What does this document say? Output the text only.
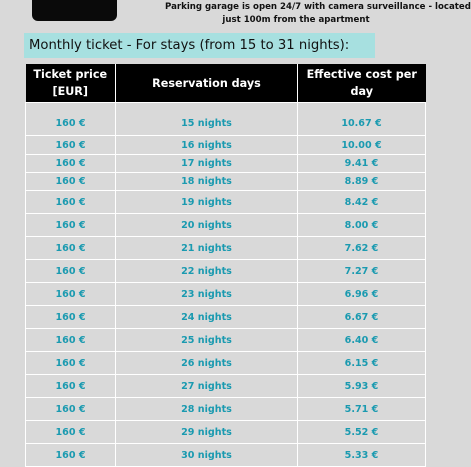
Parking garage is open 24/7 with camera surveillance - located
just 100m from the apartment
Monthly ticket - For stays (from 15 to 31 nights):
Ticket price [EUR]	Reservation days	Effective cost per day
160 €	15 nights	10.67 €
160 €	16 nights	10.00 €
160 €	17 nights	9.41 €
160 €	18 nights	8.89 €
160 €	19 nights	8.42 €
160 €	20 nights	8.00 €
160 €	21 nights	7.62 €
160 €	22 nights	7.27 €
160 €	23 nights	6.96 €
160 €	24 nights	6.67 €
160 €	25 nights	6.40 €
160 €	26 nights	6.15 €
160 €	27 nights	5.93 €
160 €	28 nights	5.71 €
160 €	29 nights	5.52 €
160 €	30 nights	5.33 €
